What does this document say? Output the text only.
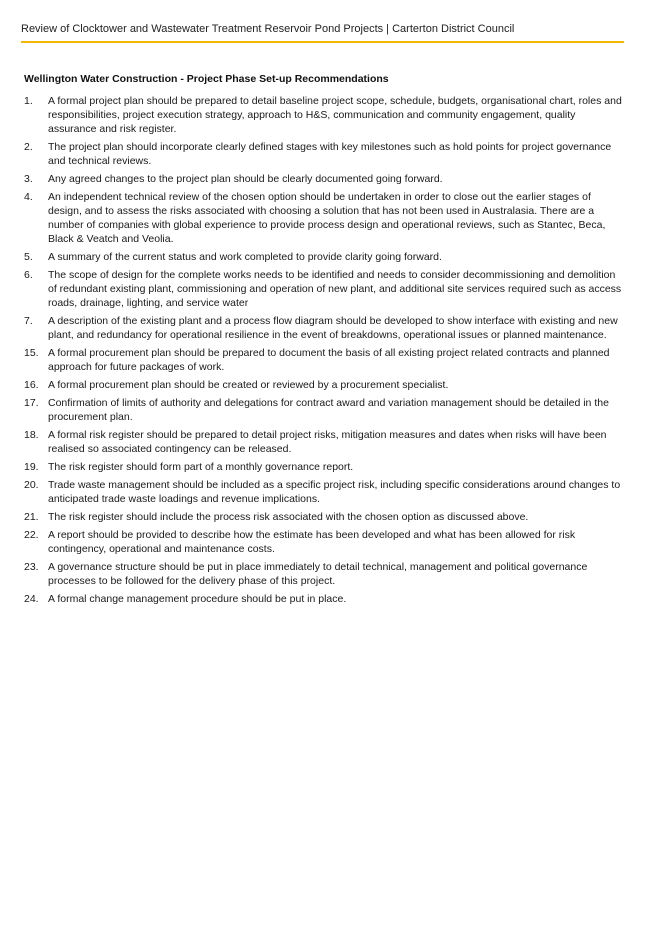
Review of Clocktower and Wastewater Treatment Reservoir Pond Projects | Carterton District Council
Wellington Water Construction - Project Phase Set-up Recommendations
1.	A formal project plan should be prepared to detail baseline project scope, schedule, budgets, organisational chart, roles and responsibilities, project execution strategy, approach to H&S, communication and community engagement, quality assurance and risk register.
2.	The project plan should incorporate clearly defined stages with key milestones such as hold points for project governance and technical reviews.
3.	Any agreed changes to the project plan should be clearly documented going forward.
4.	An independent technical review of the chosen option should be undertaken in order to close out the earlier stages of design, and to assess the risks associated with choosing a solution that has not been used in Australasia. There are a number of companies with global experience to provide process design and operational reviews, such as Stantec, Beca, Black & Veatch and Veolia.
5.	A summary of the current status and work completed to provide clarity going forward.
6.	The scope of design for the complete works needs to be identified and needs to consider decommissioning and demolition of redundant existing plant, commissioning and operation of new plant, and additional site services required such as access roads, drainage, lighting, and service water
7.	A description of the existing plant and a process flow diagram should be developed to show interface with existing and new plant, and redundancy for operational resilience in the event of breakdowns, operational issues or planned maintenance.
15. A formal procurement plan should be prepared to document the basis of all existing project related contracts and planned approach for future packages of work.
16. A formal procurement plan should be created or reviewed by a procurement specialist.
17. Confirmation of limits of authority and delegations for contract award and variation management should be detailed in the procurement plan.
18. A formal risk register should be prepared to detail project risks, mitigation measures and dates when risks will have been realised so associated contingency can be released.
19. The risk register should form part of a monthly governance report.
20. Trade waste management should be included as a specific project risk, including specific considerations around changes to anticipated trade waste loadings and revenue implications.
21. The risk register should include the process risk associated with the chosen option as discussed above.
22. A report should be provided to describe how the estimate has been developed and what has been allowed for risk contingency, operational and maintenance costs.
23. A governance structure should be put in place immediately to detail technical, management and political governance processes to be followed for the delivery phase of this project.
24. A formal change management procedure should be put in place.
